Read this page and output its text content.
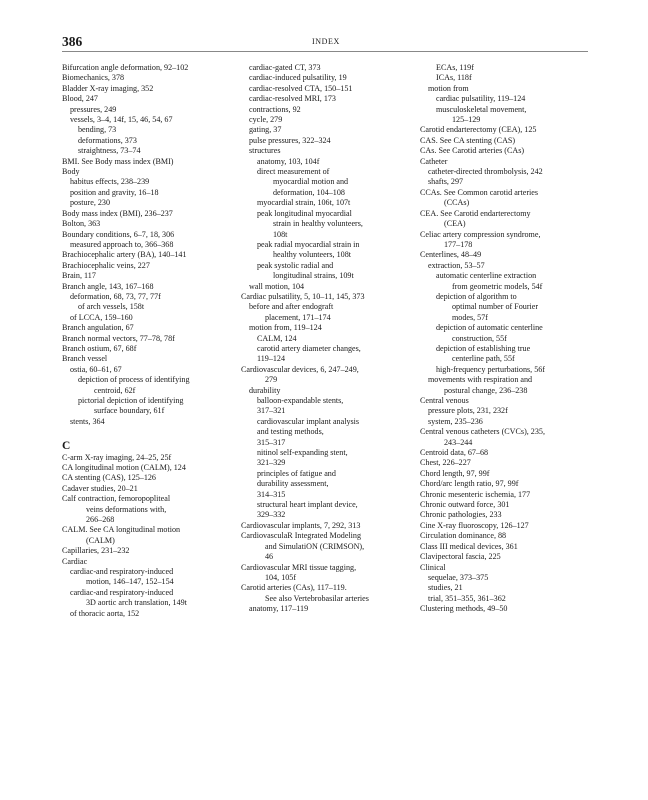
386	INDEX
Bifurcation angle deformation, 92–102
Biomechanics, 378
Bladder X-ray imaging, 352
Blood, 247
pressures, 249
vessels, 3–4, 14f, 15, 46, 54, 67
bending, 73
deformations, 373
straightness, 73–74
BMI. See Body mass index (BMI)
Body
habitus effects, 238–239
position and gravity, 16–18
posture, 230
Body mass index (BMI), 236–237
Bolton, 363
Boundary conditions, 6–7, 18, 306
measured approach to, 366–368
Brachiocephalic artery (BA), 140–141
Brachiocephalic veins, 227
Brain, 117
Branch angle, 143, 167–168
deformation, 68, 73, 77, 77f
of arch vessels, 158t
of LCCA, 159–160
Branch angulation, 67
Branch normal vectors, 77–78, 78f
Branch ostium, 67, 68f
Branch vessel
ostia, 60–61, 67
depiction of process of identifying
centroid, 62f
pictorial depiction of identifying
surface boundary, 61f
stents, 364
C
C-arm X-ray imaging, 24–25, 25f
CA longitudinal motion (CALM), 124
CA stenting (CAS), 125–126
Cadaver studies, 20–21
Calf contraction, femoropopliteal
veins deformations with,
266–268
CALM. See CA longitudinal motion
(CALM)
Capillaries, 231–232
Cardiac
cardiac-and respiratory-induced
motion, 146–147, 152–154
cardiac-and respiratory-induced
3D aortic arch translation, 149t
of thoracic aorta, 152
cardiac-gated CT, 373
cardiac-induced pulsatility, 19
cardiac-resolved CTA, 150–151
cardiac-resolved MRI, 173
contractions, 92
cycle, 279
gating, 37
pulse pressures, 322–324
structures
anatomy, 103, 104f
direct measurement of
myocardial motion and
deformation, 104–108
myocardial strain, 106t, 107t
peak longitudinal myocardial
strain in healthy volunteers,
108t
peak radial myocardial strain in
healthy volunteers, 108t
peak systolic radial and
longitudinal strains, 109t
wall motion, 104
Cardiac pulsatility, 5, 10–11, 145, 373
before and after endograft
placement, 171–174
motion from, 119–124
CALM, 124
carotid artery diameter changes,
119–124
Cardiovascular devices, 6, 247–249,
279
durability
balloon-expandable stents,
317–321
cardiovascular implant analysis
and testing methods,
315–317
nitinol self-expanding stent,
321–329
principles of fatigue and
durability assessment,
314–315
structural heart implant device,
329–332
Cardiovascular implants, 7, 292, 313
CardiovasculaR Integrated Modeling
and SimulatiON (CRIMSON),
46
Cardiovascular MRI tissue tagging,
104, 105f
Carotid arteries (CAs), 117–119.
See also Vertebrobasilar arteries
anatomy, 117–119
ECAs, 119f
ICAs, 118f
motion from
cardiac pulsatility, 119–124
musculoskeletal movement,
125–129
Carotid endarterectomy (CEA), 125
CAS. See CA stenting (CAS)
CAs. See Carotid arteries (CAs)
Catheter
catheter-directed thrombolysis, 242
shafts, 297
CCAs. See Common carotid arteries
(CCAs)
CEA. See Carotid endarterectomy
(CEA)
Celiac artery compression syndrome,
177–178
Centerlines, 48–49
extraction, 53–57
automatic centerline extraction
from geometric models, 54f
depiction of algorithm to
optimal number of Fourier
modes, 57f
depiction of automatic centerline
construction, 55f
depiction of establishing true
centerline path, 55f
high-frequency perturbations, 56f
movements with respiration and
postural change, 236–238
Central venous
pressure plots, 231, 232f
system, 235–236
Central venous catheters (CVCs), 235,
243–244
Centroid data, 67–68
Chest, 226–227
Chord length, 97, 99f
Chord/arc length ratio, 97, 99f
Chronic mesenteric ischemia, 177
Chronic outward force, 301
Chronic pathologies, 233
Cine X-ray fluoroscopy, 126–127
Circulation dominance, 88
Class III medical devices, 361
Clavipectoral fascia, 225
Clinical
sequelae, 373–375
studies, 21
trial, 351–355, 361–362
Clustering methods, 49–50
